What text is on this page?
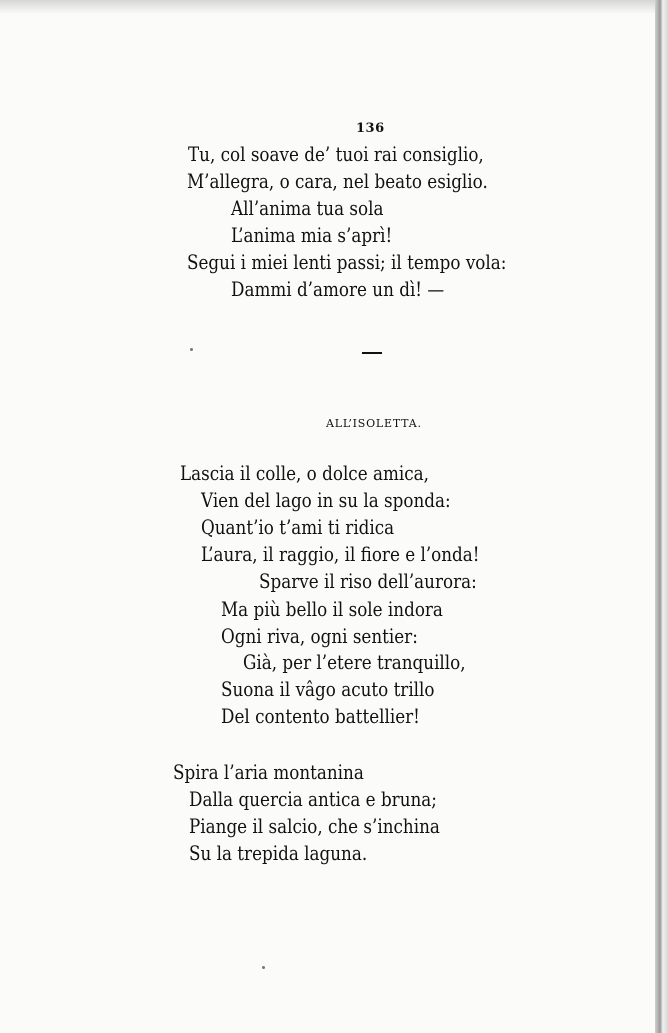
136
Tu, col soave de’ tuoi rai consiglio,
M’allegra, o cara, nel beato esiglio.
All’anima tua sola
L’anima mia s’aprì!
Segui i miei lenti passi; il tempo vola:
Dammi d’amore un dì! —
ALL’ISOLETTA.
Lascia il colle, o dolce amica,
Vien del lago in su la sponda:
Quant’io t’ami ti ridica
L’aura, il raggio, il fiore e l’onda!
Sparve il riso dell’aurora:
Ma più bello il sole indora
Ogni riva, ogni sentier:
Già, per l’etere tranquillo,
Suona il vâgo acuto trillo
Del contento battellier!
Spira l’aria montanina
Dalla quercia antica e bruna;
Piange il salcio, che s’inchina
Su la trepida laguna.
